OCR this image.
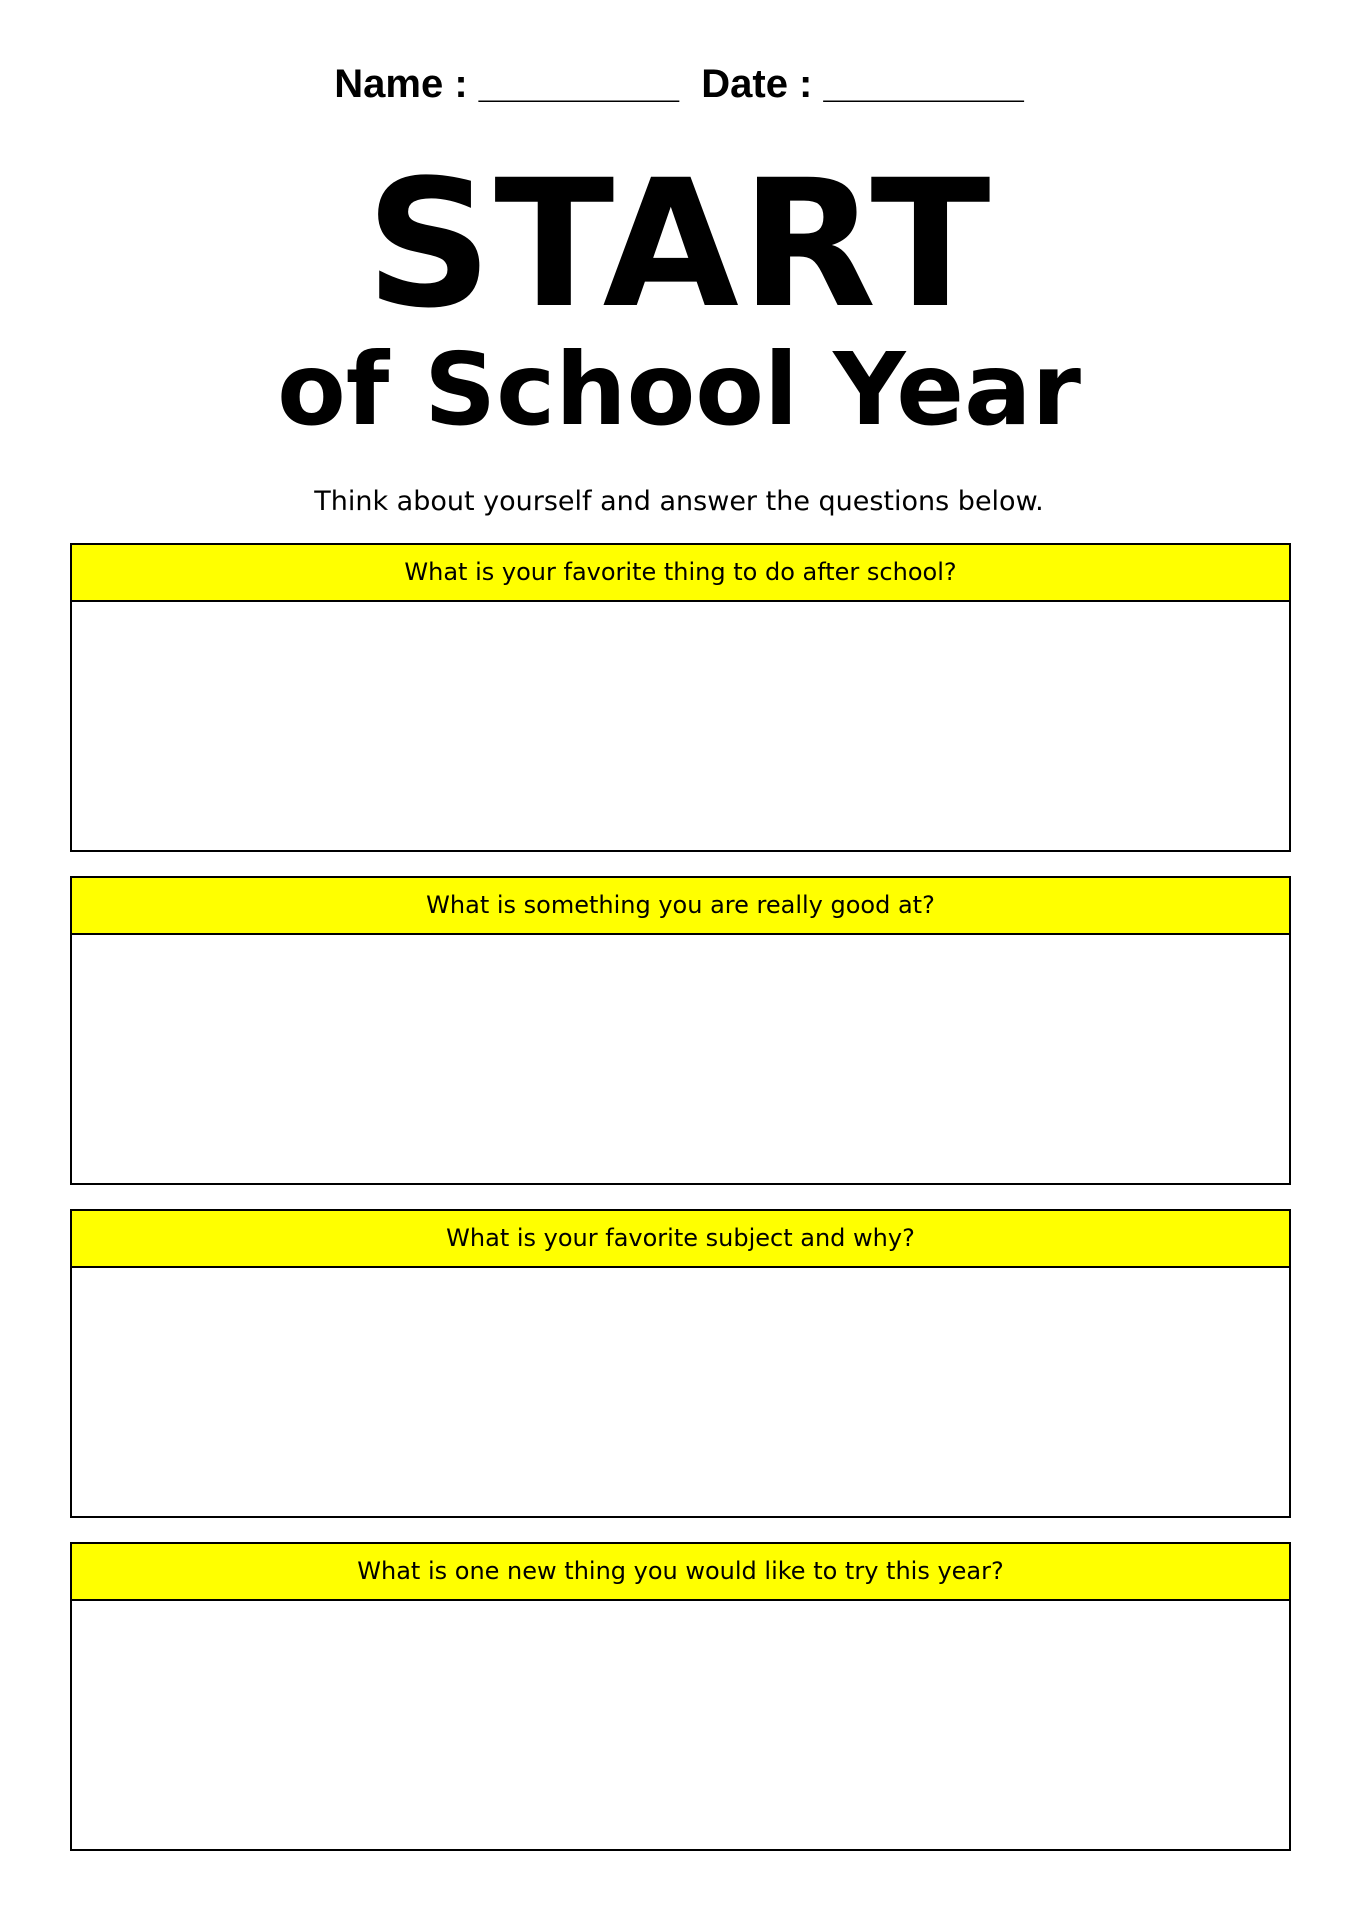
Name : _________ Date : _________
START
of School Year
Think about yourself and answer the questions below.
What is your favorite thing to do after school?
What is something you are really good at?
What is your favorite subject and why?
What is one new thing you would like to try this year?
